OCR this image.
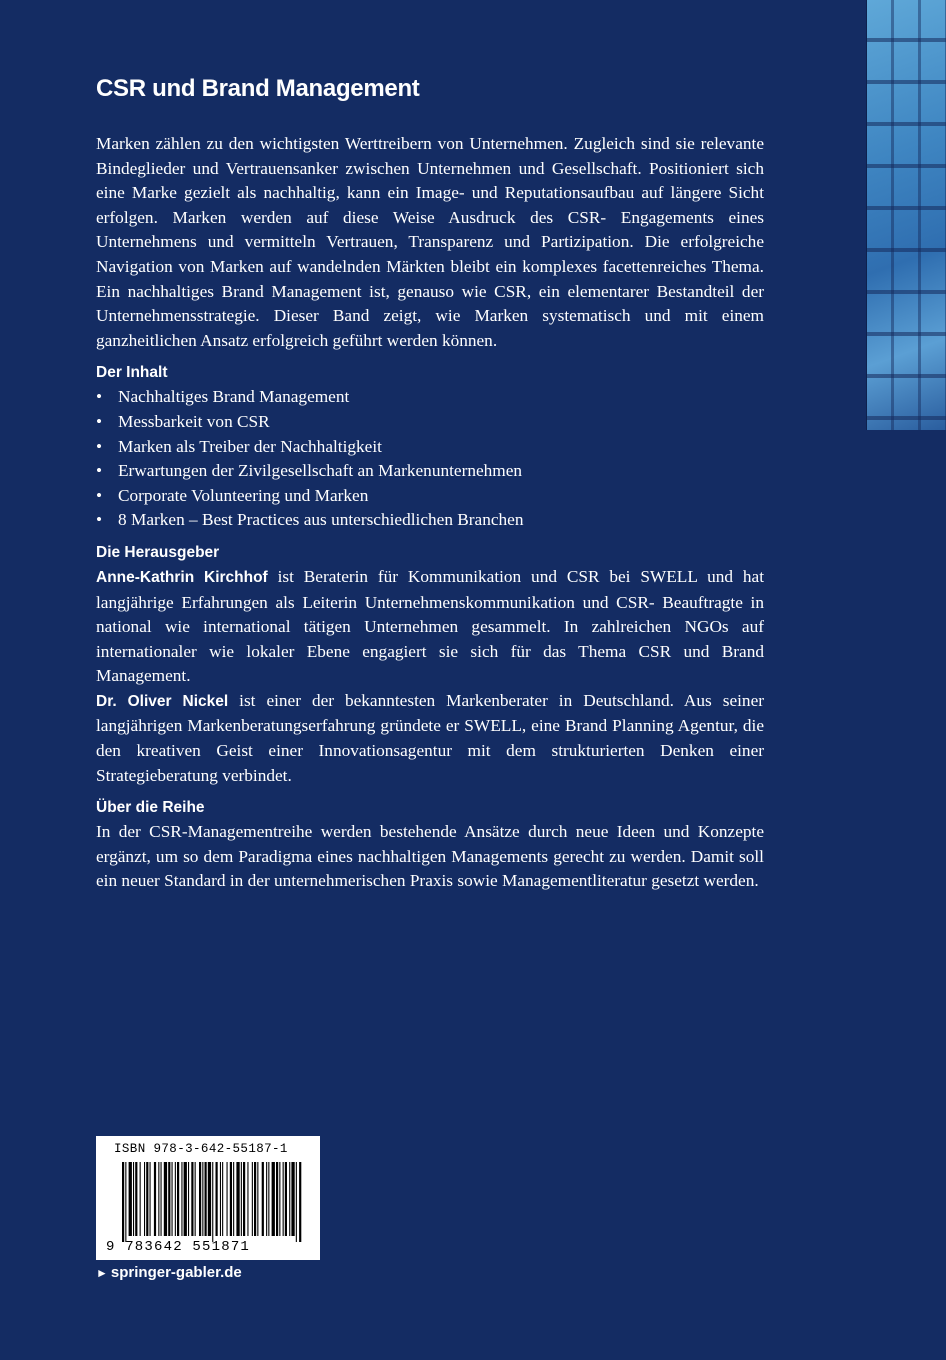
CSR und Brand Management

Marken zählen zu den wichtigsten Werttreibern von Unternehmen. Zugleich sind sie relevante Bindeglieder und Vertrauensanker zwischen Unternehmen und Gesellschaft. Positioniert sich eine Marke gezielt als nachhaltig, kann ein Image- und Reputationsaufbau auf längere Sicht erfolgen. Marken werden auf diese Weise Ausdruck des CSR- Engagements eines Unternehmens und vermitteln Vertrauen, Transparenz und Partizipation. Die erfolgreiche Navigation von Marken auf wandelnden Märkten bleibt ein komplexes facettenreiches Thema. Ein nachhaltiges Brand Management ist, genauso wie CSR, ein elementarer Bestandteil der Unternehmensstrategie. Dieser Band zeigt, wie Marken systematisch und mit einem ganzheitlichen Ansatz erfolgreich geführt werden können.

Der Inhalt
• Nachhaltiges Brand Management
• Messbarkeit von CSR
• Marken als Treiber der Nachhaltigkeit
• Erwartungen der Zivilgesellschaft an Markenunternehmen
• Corporate Volunteering und Marken
• 8 Marken – Best Practices aus unterschiedlichen Branchen
Die Herausgeber

Anne-Kathrin Kirchhof ist Beraterin für Kommunikation und CSR bei SWELL und hat langjährige Erfahrungen als Leiterin Unternehmenskommunikation und CSR- Beauftragte in national wie international tätigen Unternehmen gesammelt. In zahlreichen NGOs auf internationaler wie lokaler Ebene engagiert sie sich für das Thema CSR und Brand Management.

Dr. Oliver Nickel ist einer der bekanntesten Markenberater in Deutschland. Aus seiner langjährigen Markenberatungserfahrung gründete er SWELL, eine Brand Planning Agentur, die den kreativen Geist einer Innovationsagentur mit dem strukturierten Denken einer Strategieberatung verbindet.

Über die Reihe

In der CSR-Managementreihe werden bestehende Ansätze durch neue Ideen und Konzepte ergänzt, um so dem Paradigma eines nachhaltigen Managements gerecht zu werden. Damit soll ein neuer Standard in der unternehmerischen Praxis sowie Managementliteratur gesetzt werden.

ISBN 978-3-642-55187-1
9 783642 551871
► springer-gabler.de
